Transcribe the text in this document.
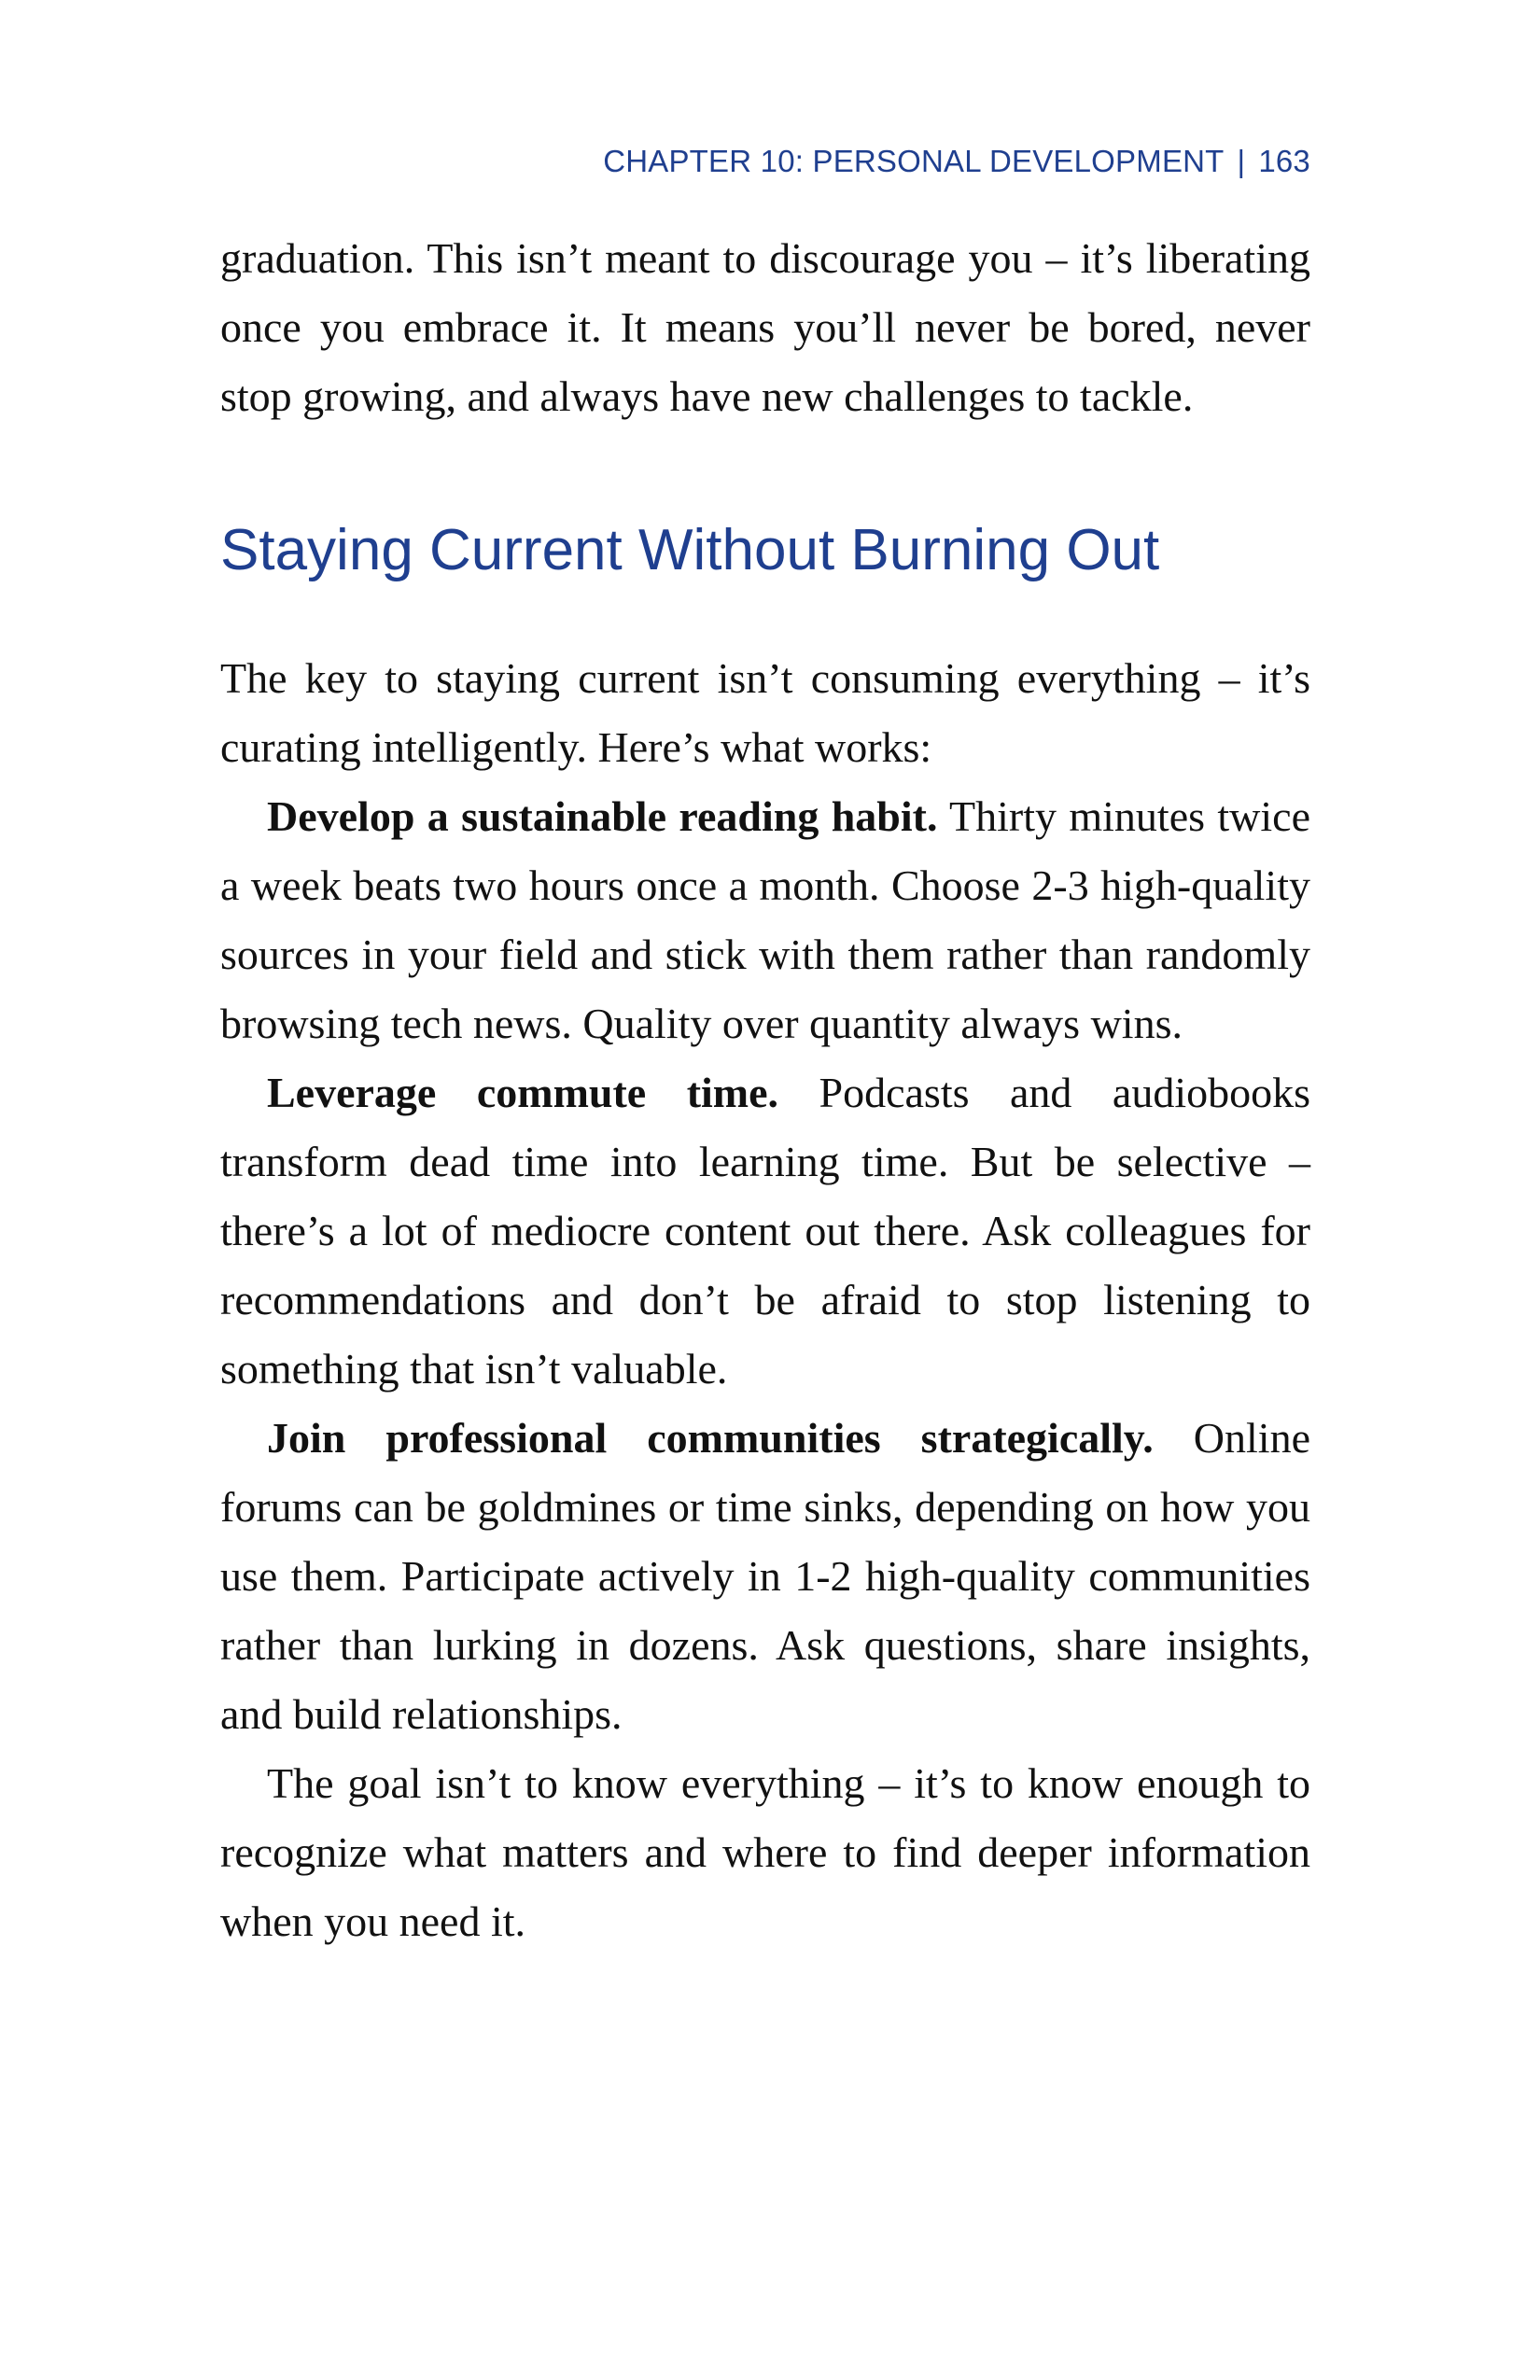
CHAPTER 10: PERSONAL DEVELOPMENT | 163

graduation. This isn’t meant to discourage you – it’s liberating once you embrace it. It means you’ll never be bored, never stop growing, and always have new challenges to tackle.

Staying Current Without Burning Out

The key to staying current isn’t consuming everything – it’s curating intelligently. Here’s what works:

Develop a sustainable reading habit. Thirty minutes twice a week beats two hours once a month. Choose 2-3 high-quality sources in your field and stick with them rather than randomly browsing tech news. Quality over quantity always wins.

Leverage commute time. Podcasts and audiobooks transform dead time into learning time. But be selective – there’s a lot of mediocre content out there. Ask colleagues for recommendations and don’t be afraid to stop listening to something that isn’t valuable.

Join professional communities strategically. Online forums can be goldmines or time sinks, depending on how you use them. Participate actively in 1-2 high-quality communities rather than lurking in dozens. Ask questions, share insights, and build relationships.

The goal isn’t to know everything – it’s to know enough to recognize what matters and where to find deeper information when you need it.
